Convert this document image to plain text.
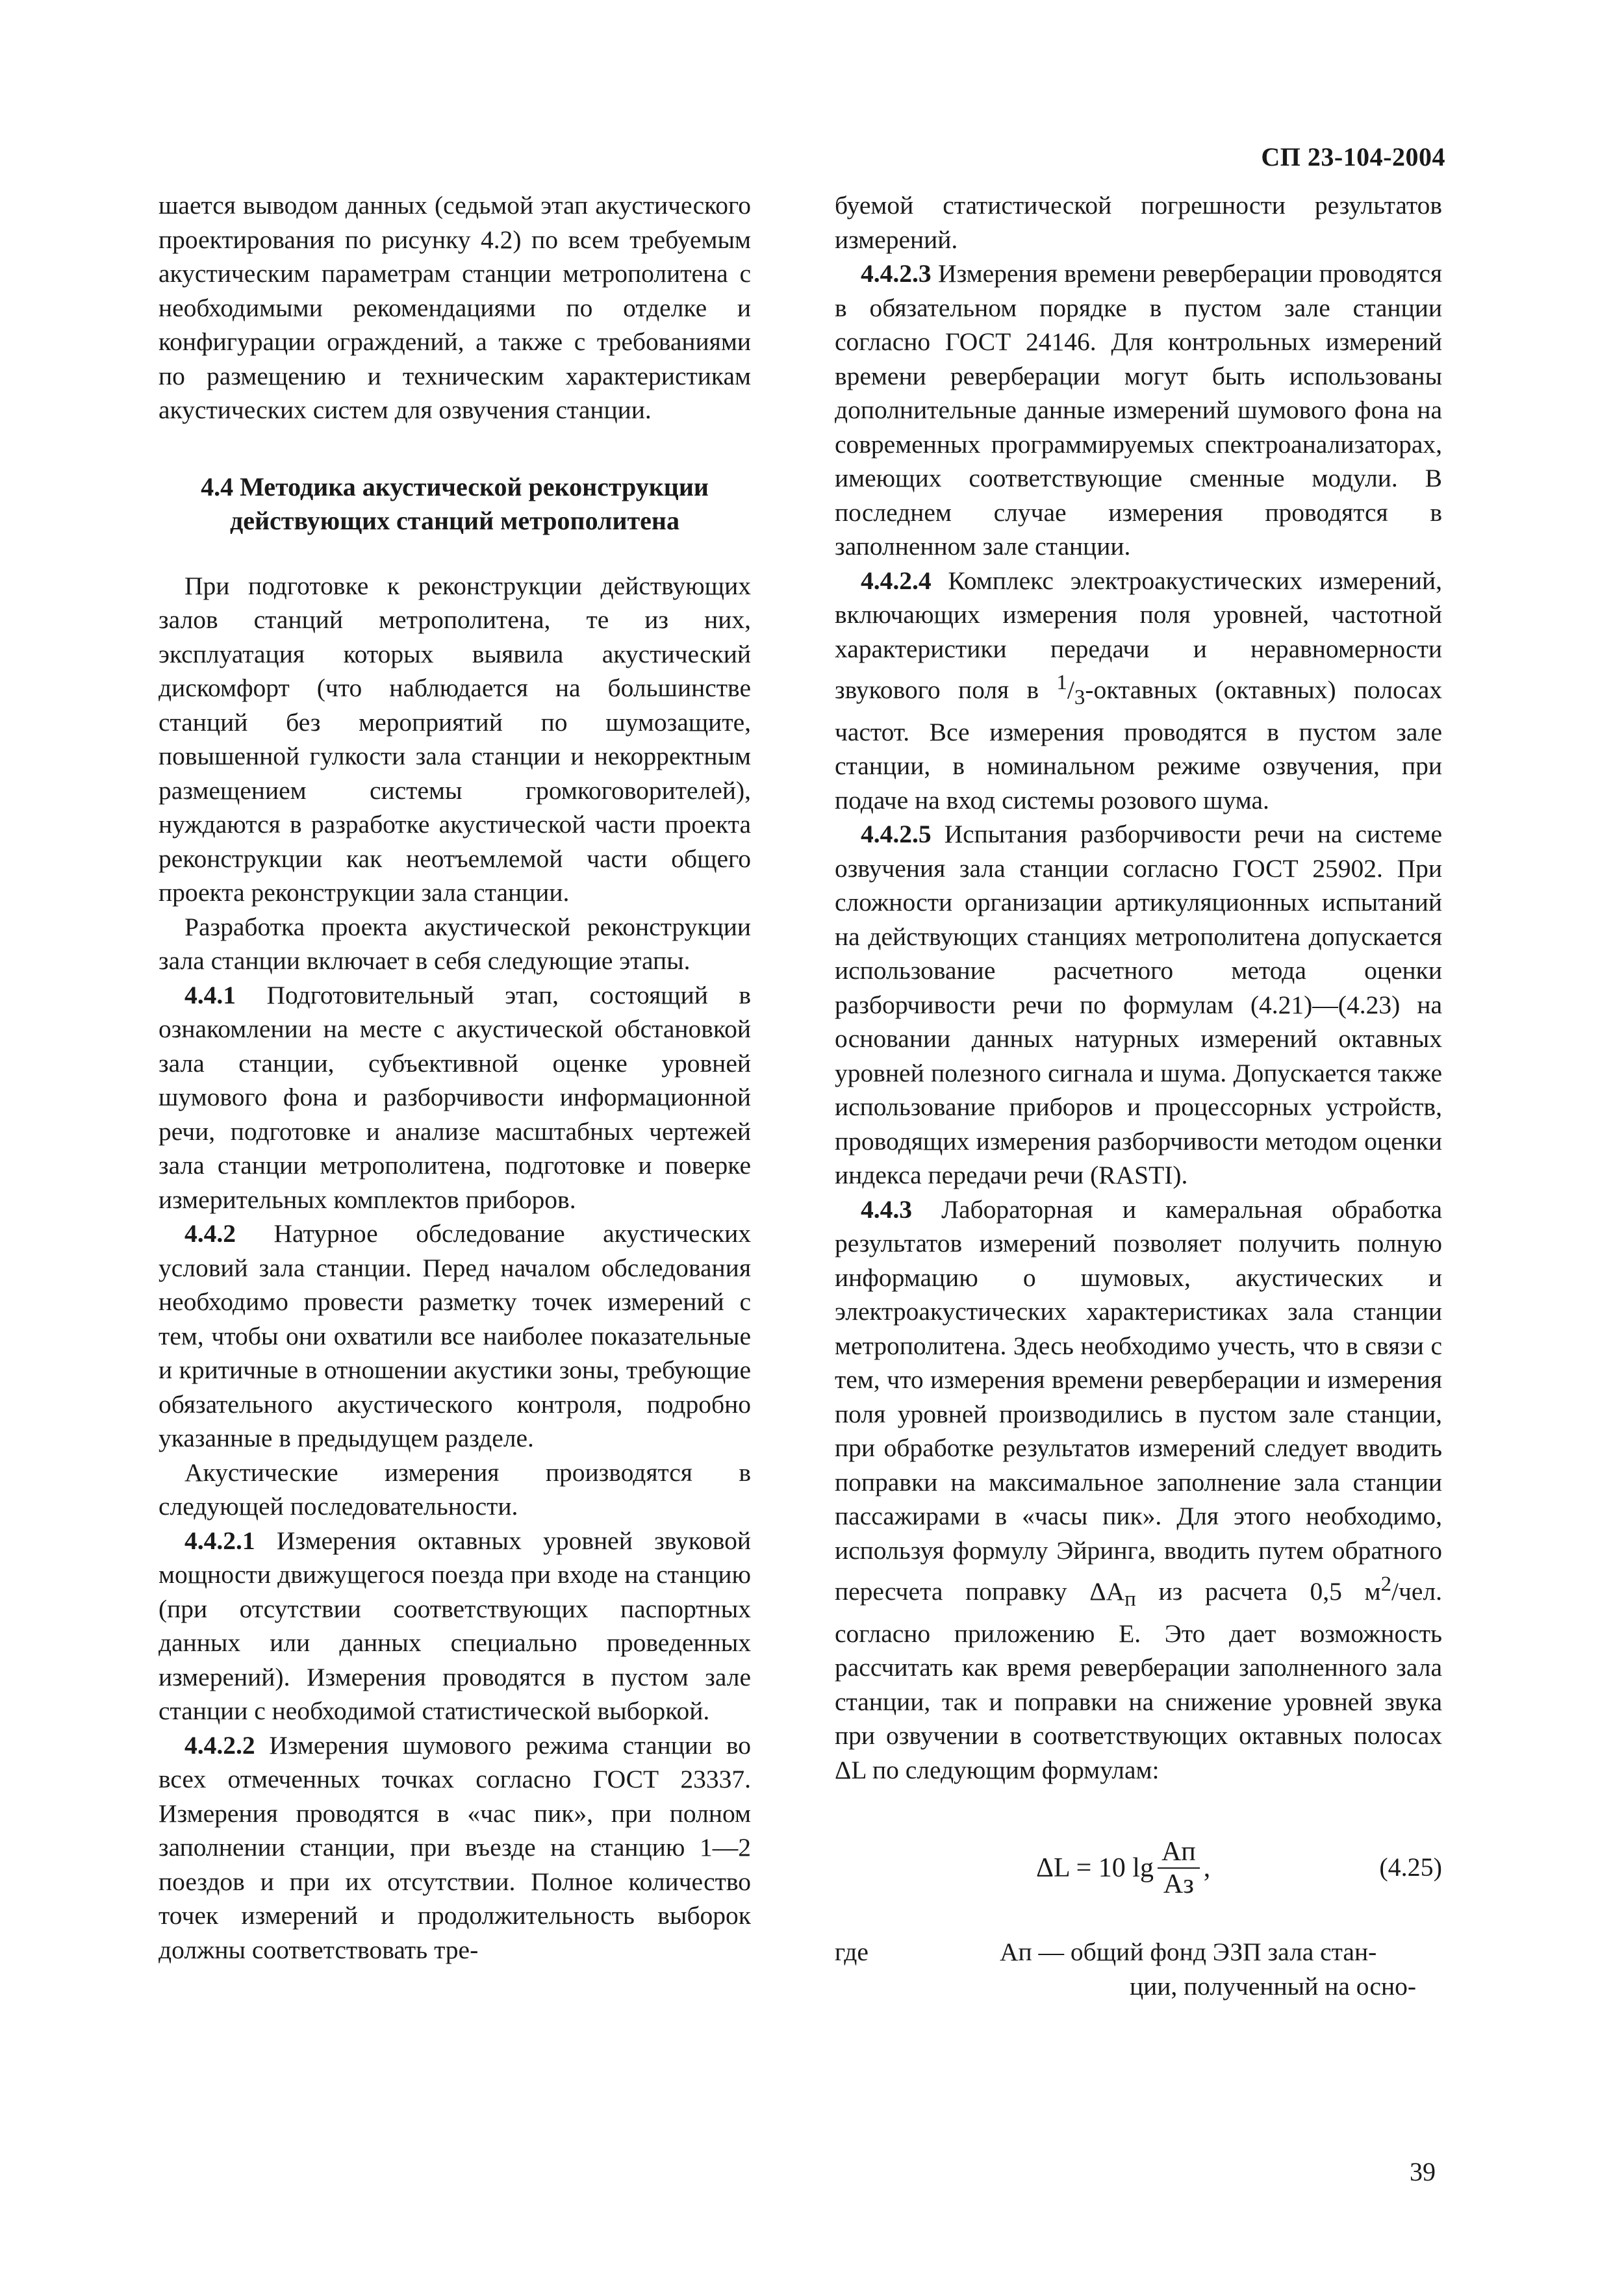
СП 23-104-2004

шается выводом данных (седьмой этап акустического проектирования по рисунку 4.2) по всем требуемым акустическим параметрам станции метрополитена с необходимыми рекомендациями по отделке и конфигурации ограждений, а также с требованиями по размещению и техническим характеристикам акустических систем для озвучения станции.

4.4 Методика акустической реконструкции
действующих станций метрополитена

При подготовке к реконструкции действующих залов станций метрополитена, те из них, эксплуатация которых выявила акустический дискомфорт (что наблюдается на большинстве станций без мероприятий по шумозащите, повышенной гулкости зала станции и некорректным размещением системы громкоговорителей), нуждаются в разработке акустической части проекта реконструкции как неотъемлемой части общего проекта реконструкции зала станции.

Разработка проекта акустической реконструкции зала станции включает в себя следующие этапы.

4.4.1 Подготовительный этап, состоящий в ознакомлении на месте с акустической обстановкой зала станции, субъективной оценке уровней шумового фона и разборчивости информационной речи, подготовке и анализе масштабных чертежей зала станции метрополитена, подготовке и поверке измерительных комплектов приборов.

4.4.2 Натурное обследование акустических условий зала станции. Перед началом обследования необходимо провести разметку точек измерений с тем, чтобы они охватили все наиболее показательные и критичные в отношении акустики зоны, требующие обязательного акустического контроля, подробно указанные в предыдущем разделе.

Акустические измерения производятся в следующей последовательности.

4.4.2.1 Измерения октавных уровней звуковой мощности движущегося поезда при входе на станцию (при отсутствии соответствующих паспортных данных или данных специально проведенных измерений). Измерения проводятся в пустом зале станции с необходимой статистической выборкой.

4.4.2.2 Измерения шумового режима станции во всех отмеченных точках согласно ГОСТ 23337. Измерения проводятся в «час пик», при полном заполнении станции, при въезде на станцию 1—2 поездов и при их отсутствии. Полное количество точек измерений и продолжительность выборок должны соответствовать тре-

буемой статистической погрешности результатов измерений.

4.4.2.3 Измерения времени реверберации проводятся в обязательном порядке в пустом зале станции согласно ГОСТ 24146. Для контрольных измерений времени реверберации могут быть использованы дополнительные данные измерений шумового фона на современных программируемых спектроанализаторах, имеющих соответствующие сменные модули. В последнем случае измерения проводятся в заполненном зале станции.

4.4.2.4 Комплекс электроакустических измерений, включающих измерения поля уровней, частотной характеристики передачи и неравномерности звукового поля в $^1/_3$-октавных (октавных) полосах частот. Все измерения проводятся в пустом зале станции, в номинальном режиме озвучения, при подаче на вход системы розового шума.

4.4.2.5 Испытания разборчивости речи на системе озвучения зала станции согласно ГОСТ 25902. При сложности организации артикуляционных испытаний на действующих станциях метрополитена допускается использование расчетного метода оценки разборчивости речи по формулам (4.21)—(4.23) на основании данных натурных измерений октавных уровней полезного сигнала и шума. Допускается также использование приборов и процессорных устройств, проводящих измерения разборчивости методом оценки индекса передачи речи (RASTI).

4.4.3 Лабораторная и камеральная обработка результатов измерений позволяет получить полную информацию о шумовых, акустических и электроакустических характеристиках зала станции метрополитена. Здесь необходимо учесть, что в связи с тем, что измерения времени реверберации и измерения поля уровней производились в пустом зале станции, при обработке результатов измерений следует вводить поправки на максимальное заполнение зала станции пассажирами в «часы пик». Для этого необходимо, используя формулу Эйринга, вводить путем обратного пересчета поправку $\Delta A_п$ из расчета 0,5 $м^2$/чел. согласно приложению Е. Это дает возможность рассчитать как время реверберации заполненного зала станции, так и поправки на снижение уровней звука при озвучении в соответствующих октавных полосах ΔL по следующим формулам:

ΔL = 10 $\lg \frac{Aп}{Aз}$ ,	(4.25)
где	Aп — общий фонд ЭЗП зала стан-
ции, полученный на осно-
39
